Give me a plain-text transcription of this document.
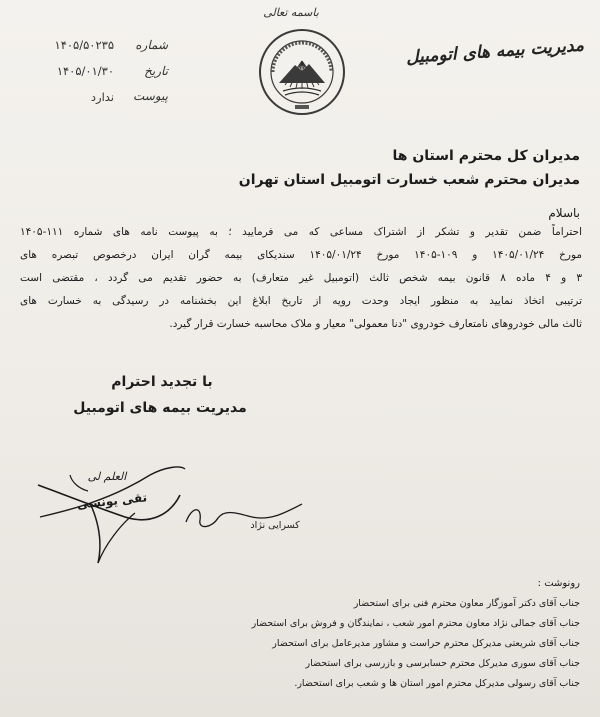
باسمه تعالی
مدیریت بیمه های اتومبیل
شماره
۱۴۰۵/۵۰۲۳۵
تاریخ
۱۴۰۵/۰۱/۳۰
پیوست
ندارد
مدیران کل محترم استان ها
مدیران محترم شعب خسارت اتومبیل استان تهران
باسلام
احتراماً ضمن تقدیر و تشکر از اشتراک مساعی که می فرمایید ؛ به پیوست نامه های شماره ۱۱۱-۱۴۰۵
مورخ ۱۴۰۵/۰۱/۲۴ و ۱۰۹-۱۴۰۵ مورخ ۱۴۰۵/۰۱/۲۴ سندیکای بیمه گران ایران درخصوص تبصره های
۳ و ۴ ماده ۸ قانون بیمه شخص ثالث (اتومبیل غیر متعارف) به حضور تقدیم می گردد ، مقتضی است
ترتیبی اتخاذ نمایید به منظور ایجاد وحدت رویه از تاریخ ابلاغ این بخشنامه در رسیدگی به خسارت های
ثالث مالی خودروهای نامتعارف خودروی "دنا معمولی" معیار و ملاک محاسبه خسارت قرار گیرد.
با تجدید احترام
مدیریت بیمه های اتومبیل
العلم لی
تقی یونسی
کسرایی نژاد
رونوشت :
جناب آقای دکتر آموزگار معاون محترم فنی برای استحضار
جناب آقای جمالی نژاد معاون محترم امور شعب ، نمایندگان و فروش برای استحضار
جناب آقای شریعتی مدیرکل محترم حراست و مشاور مدیرعامل برای استحضار
جناب آقای سوری مدیرکل محترم حسابرسی و بازرسی برای استحضار
جناب آقای رسولی مدیرکل محترم امور استان ها و شعب برای استحضار.
